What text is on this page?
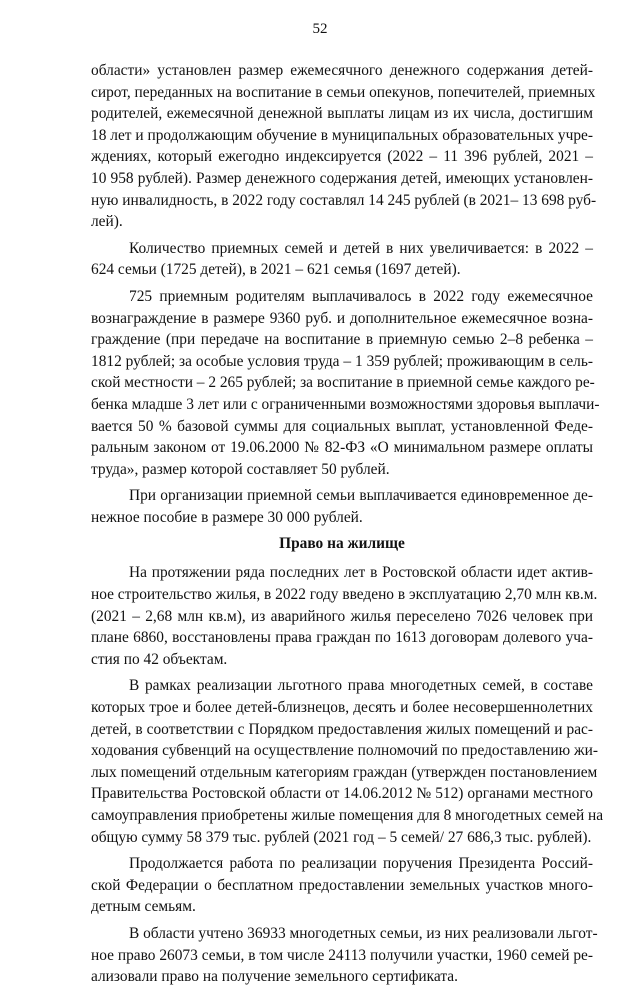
52
области» установлен размер ежемесячного денежного содержания детей-
сирот, переданных на воспитание в семьи опекунов, попечителей, приемных
родителей, ежемесячной денежной выплаты лицам из их числа, достигшим
18 лет и продолжающим обучение в муниципальных образовательных учре-
ждениях, который ежегодно индексируется (2022 – 11 396 рублей, 2021 –
10 958 рублей). Размер денежного содержания детей, имеющих установлен-
ную инвалидность, в 2022 году составлял 14 245 рублей (в 2021– 13 698 руб-
лей).
Количество приемных семей и детей в них увеличивается: в 2022 –
624 семьи (1725 детей), в 2021 – 621 семья (1697 детей).
725 приемным родителям выплачивалось в 2022 году ежемесячное
вознаграждение в размере 9360 руб. и дополнительное ежемесячное возна-
граждение (при передаче на воспитание в приемную семью 2–8 ребенка –
1812 рублей; за особые условия труда – 1 359 рублей; проживающим в сель-
ской местности – 2 265 рублей; за воспитание в приемной семье каждого ре-
бенка младше 3 лет или с ограниченными возможностями здоровья выплачи-
вается 50 % базовой суммы для социальных выплат, установленной Феде-
ральным законом от 19.06.2000 № 82-ФЗ «О минимальном размере оплаты
труда», размер которой составляет 50 рублей.
При организации приемной семьи выплачивается единовременное де-
нежное пособие в размере 30 000 рублей.
Право на жилище
На протяжении ряда последних лет в Ростовской области идет актив-
ное строительство жилья, в 2022 году введено в эксплуатацию 2,70 млн кв.м.
(2021 – 2,68 млн кв.м), из аварийного жилья переселено 7026 человек при
плане 6860, восстановлены права граждан по 1613 договорам долевого уча-
стия по 42 объектам.
В рамках реализации льготного права многодетных семей, в составе
которых трое и более детей-близнецов, десять и более несовершеннолетних
детей, в соответствии с Порядком предоставления жилых помещений и рас-
ходования субвенций на осуществление полномочий по предоставлению жи-
лых помещений отдельным категориям граждан (утвержден постановлением
Правительства Ростовской области от 14.06.2012 № 512) органами местного
самоуправления приобретены жилые помещения для 8 многодетных семей на
общую сумму 58 379 тыс. рублей (2021 год – 5 семей/ 27 686,3 тыс. рублей).
Продолжается работа по реализации поручения Президента Россий-
ской Федерации о бесплатном предоставлении земельных участков много-
детным семьям.
В области учтено 36933 многодетных семьи, из них реализовали льгот-
ное право 26073 семьи, в том числе 24113 получили участки, 1960 семей ре-
ализовали право на получение земельного сертификата.
